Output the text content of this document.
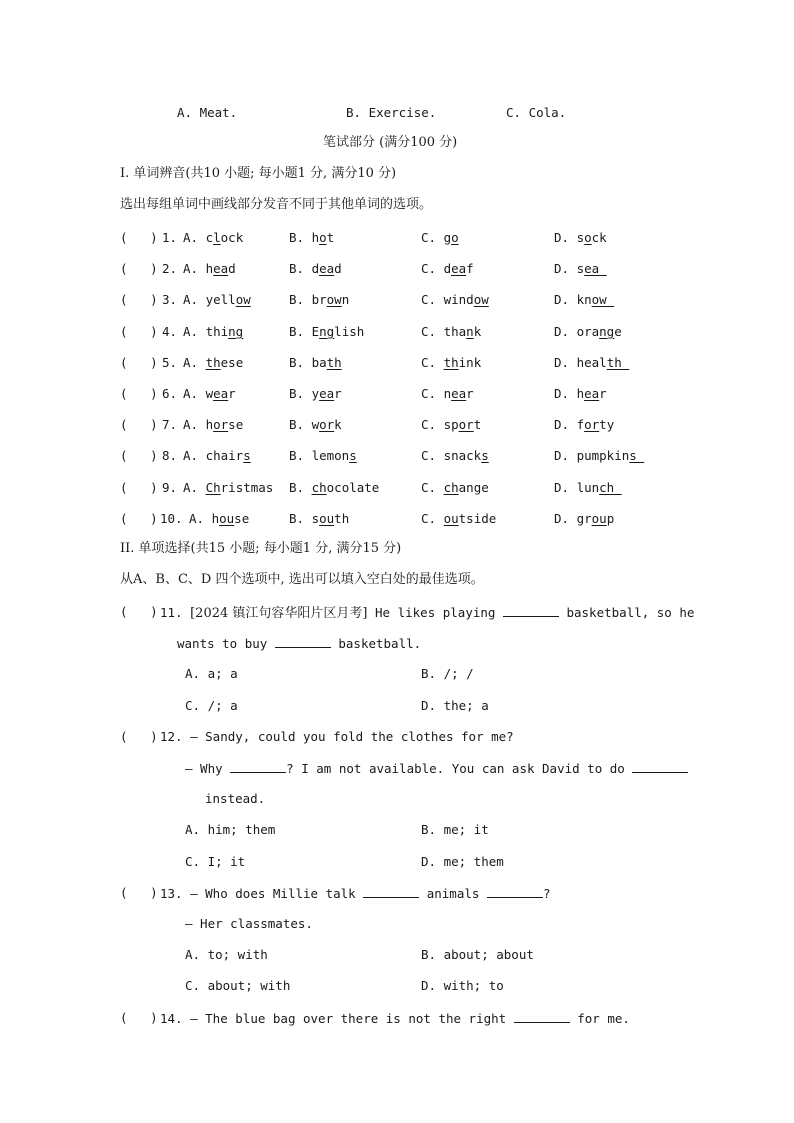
A. Meat.	B. Exercise.	C. Cola.
笔试部分 (满分100 分)
I. 单词辨音(共10 小题; 每小题1 分, 满分10 分)
选出每组单词中画线部分发音不同于其他单词的选项。
(   ) 1. A. clock	B. hot	C. go	D. sock
(   ) 2. A. head	B. dead	C. deaf	D. sea
(   ) 3. A. yellow	B. brown	C. window	D. know
(   ) 4. A. thing	B. English	C. thank	D. orange
(   ) 5. A. these	B. bath	C. think	D. health
(   ) 6. A. wear	B. year	C. near	D. hear
(   ) 7. A. horse	B. work	C. sport	D. forty
(   ) 8. A. chairs	B. lemons	C. snacks	D. pumpkins
(   ) 9. A. Christmas B. chocolate	C. change	D. lunch
(   ) 10. A. house	B. south	C. outside	D. group
II. 单项选择(共15 小题; 每小题1 分, 满分15 分)
从A、B、C、D 四个选项中, 选出可以填入空白处的最佳选项。
(   ) 11. [2024 镇江句容华阳片区月考] He likes playing	basketball, so he
wants to buy	basketball.
A. a; a	B. /; /
C. /; a	D. the; a
(   ) 12. — Sandy, could you fold the clothes for me?
— Why	? I am not available. You can ask David to do
instead.
A. him; them	B. me; it
C. I; it	D. me; them
(   ) 13. — Who does Millie talk	animals	?
— Her classmates.
A. to; with	B. about; about
C. about; with	D. with; to
(   ) 14. — The blue bag over there is not the right	for me.
